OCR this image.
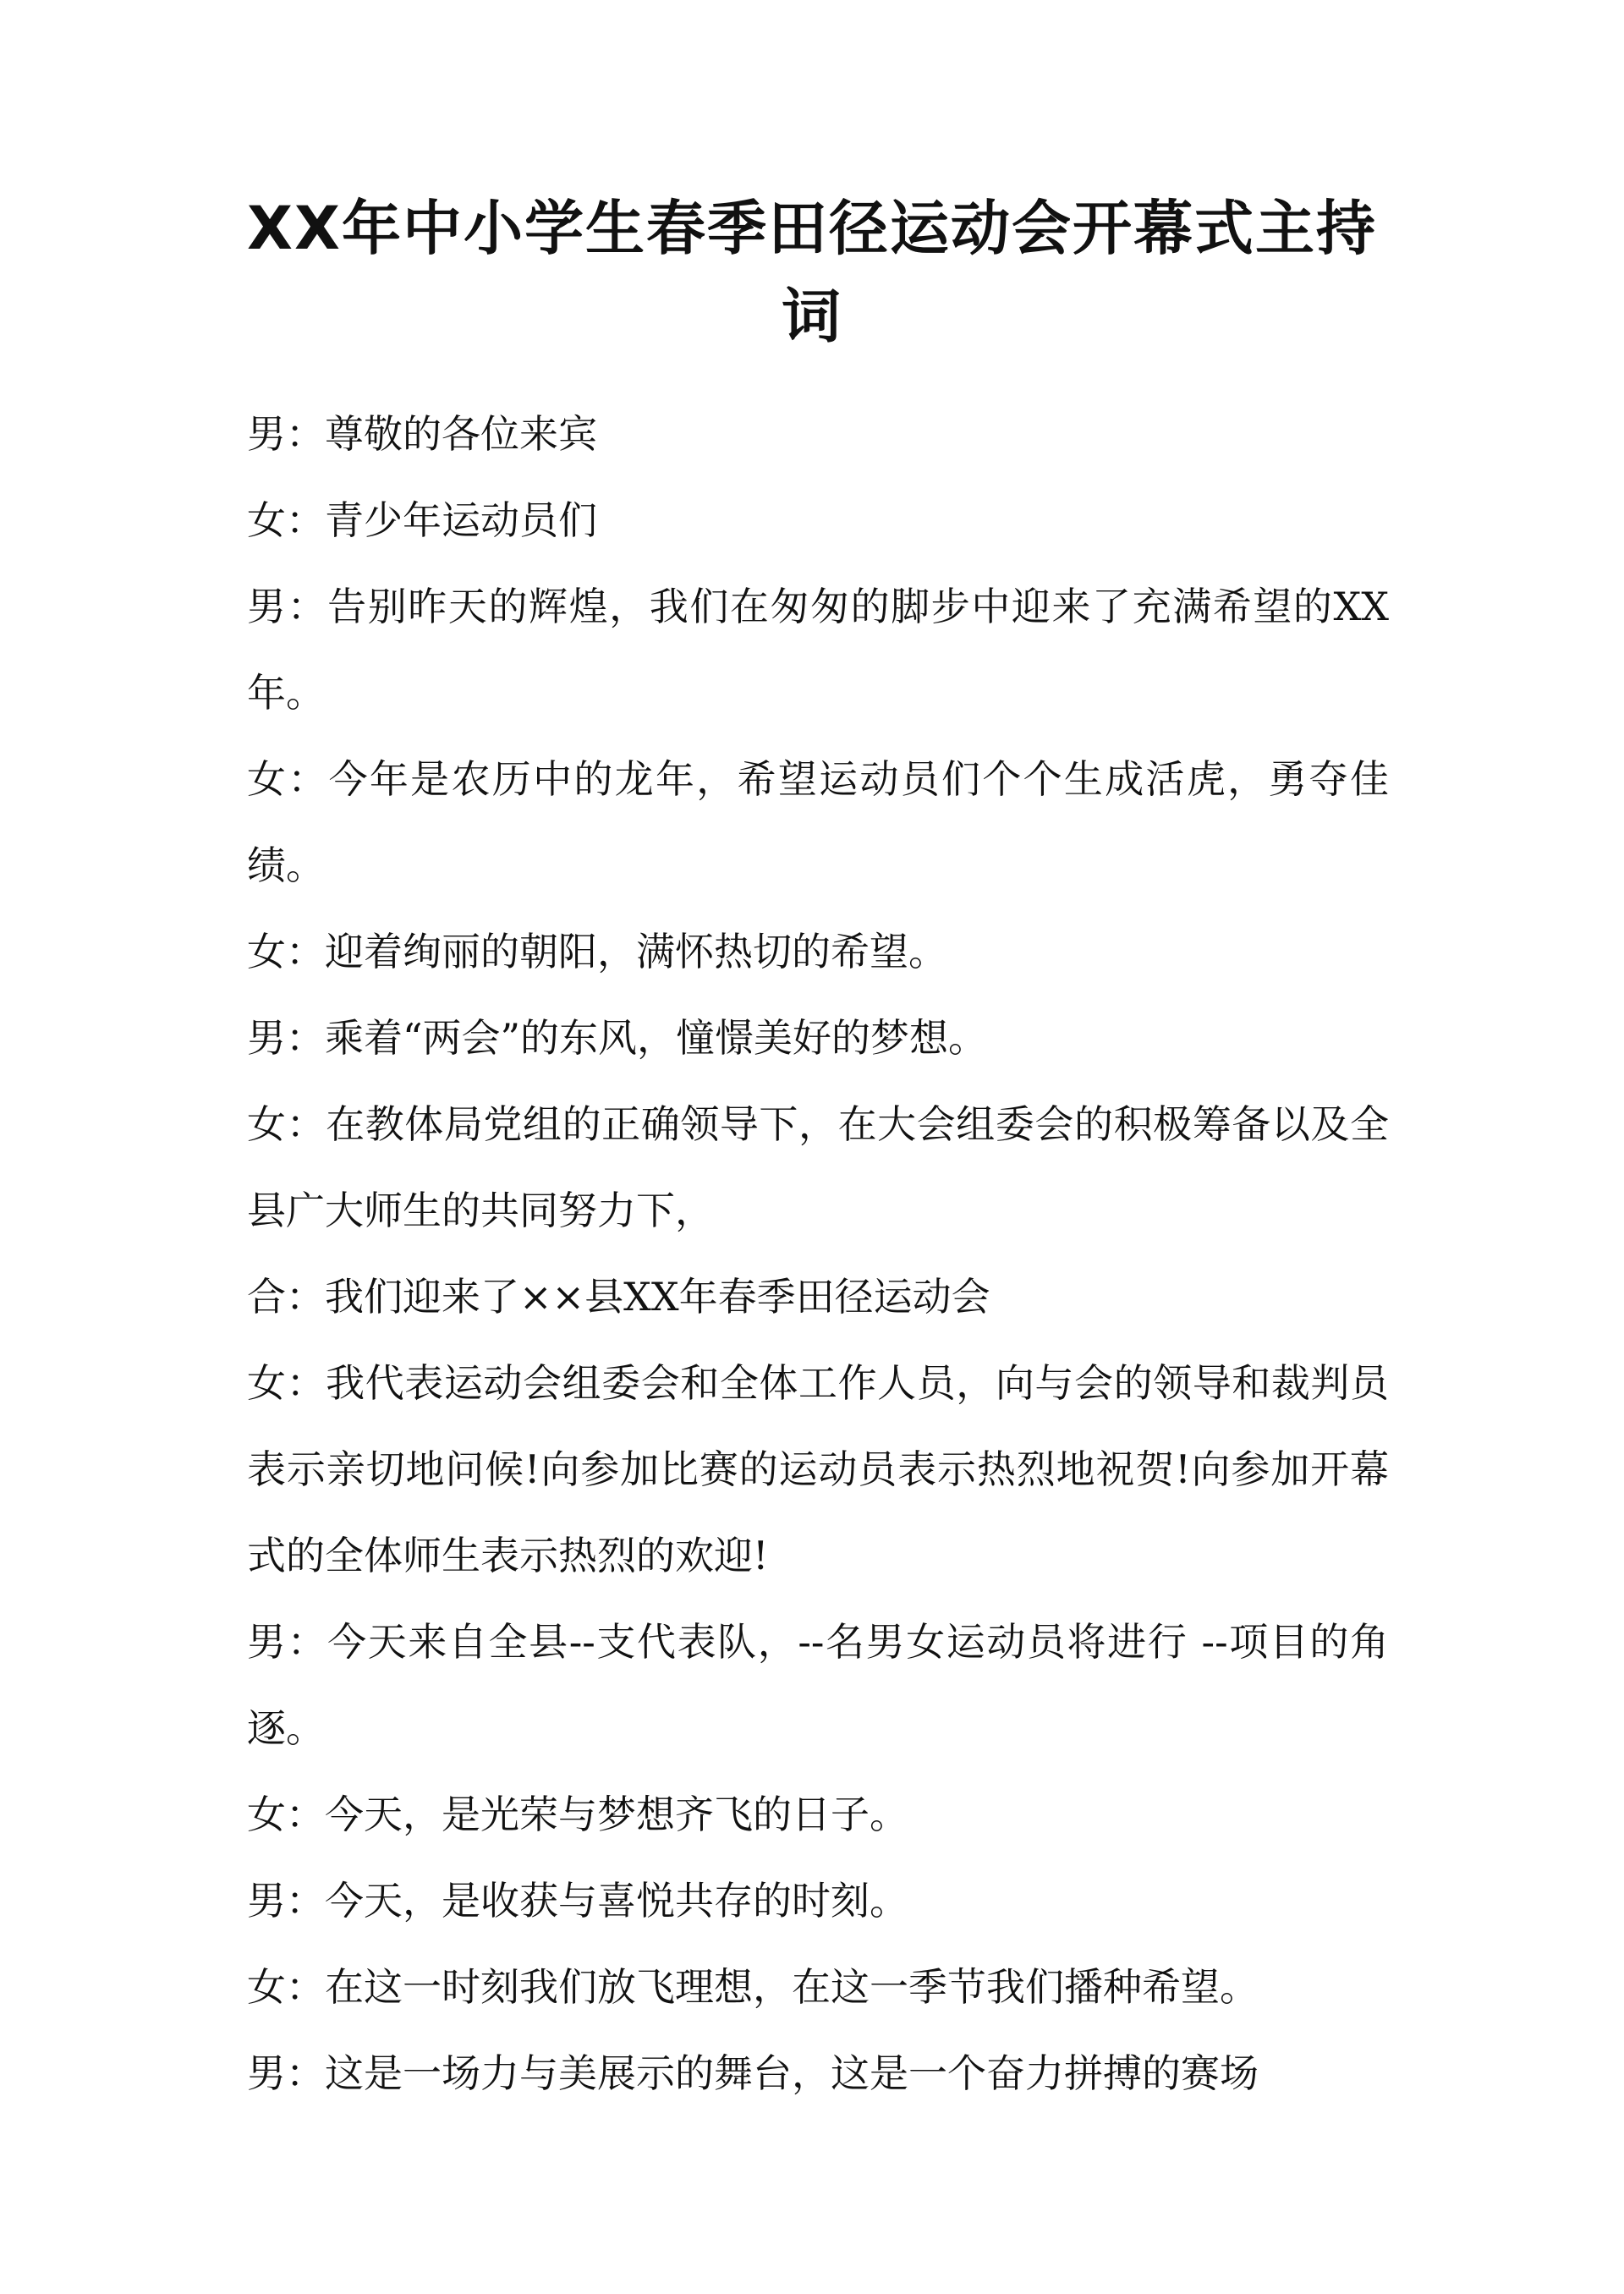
XX年中小学生春季田径运动会开幕式主持词

男：尊敬的各位来宾

女：青少年运动员们

男：告别昨天的辉煌，我们在匆匆的脚步中迎来了充满希望的XX年。

女：今年是农历中的龙年，希望运动员们个个生成活虎，勇夺佳绩。

女：迎着绚丽的朝阳，满怀热切的希望。

男：乘着“两会”的东风，憧憬美好的梦想。

女：在教体局党组的正确领导下，在大会组委会的积极筹备以及全县广大师生的共同努力下，

合：我们迎来了××县XX年春季田径运动会

女：我代表运动会组委会和全体工作人员，向与会的领导和裁判员表示亲切地问候!向参加比赛的运动员表示热烈地祝贺!向参加开幕式的全体师生表示热烈的欢迎!

男：今天来自全县--支代表队，--名男女运动员将进行 --项目的角逐。

女：今天，是光荣与梦想齐飞的日子。

男：今天，是收获与喜悦共存的时刻。

女：在这一时刻我们放飞理想，在这一季节我们播种希望。

男：这是一场力与美展示的舞台，这是一个奋力拼搏的赛场
